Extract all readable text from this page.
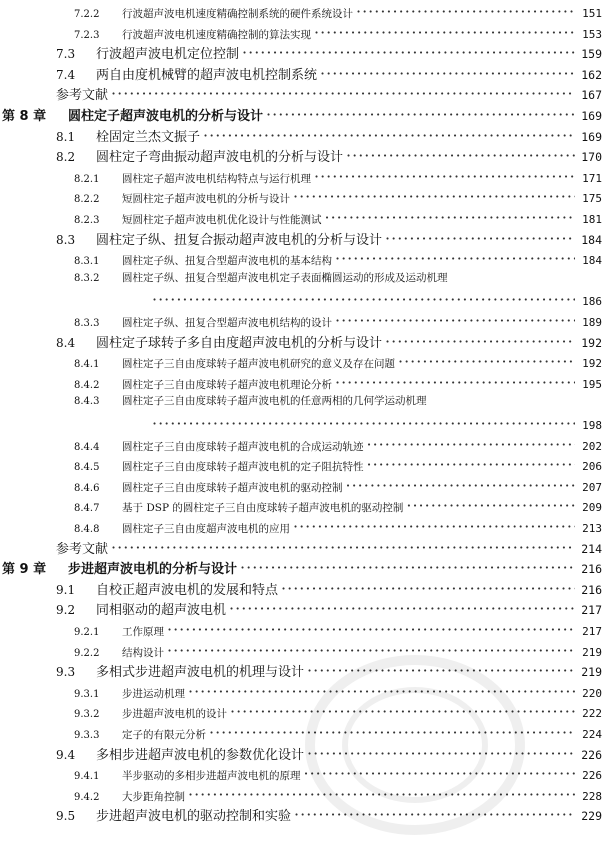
7.2.2	行波超声波电机速度精确控制系统的硬件系统设计 ·····	151
7.2.3	行波超声波电机速度精确控制的算法实现 ·····	153
7.3	行波超声波电机定位控制 ·····	159
7.4	两自由度机械臂的超声波电机控制系统 ·····	162
参考文献 ·····	167
第 8 章	圆柱定子超声波电机的分析与设计 ·····	169
8.1	栓固定兰杰文振子 ·····	169
8.2	圆柱定子弯曲振动超声波电机的分析与设计 ·····	170
8.2.1	圆柱定子超声波电机结构特点与运行机理 ·····	171
8.2.2	短圆柱定子超声波电机的分析与设计 ·····	175
8.2.3	短圆柱定子超声波电机优化设计与性能测试 ·····	181
8.3	圆柱定子纵、扭复合振动超声波电机的分析与设计 ·····	184
8.3.1	圆柱定子纵、扭复合型超声波电机的基本结构 ·····	184
8.3.2	圆柱定子纵、扭复合型超声波电机定子表面椭圆运动的形成及运动机理
·····
186
8.3.3	圆柱定子纵、扭复合型超声波电机结构的设计 ·····	189
8.4	圆柱定子球转子多自由度超声波电机的分析与设计 ·····	192
8.4.1	圆柱定子三自由度球转子超声波电机研究的意义及存在问题 ·····	192
8.4.2	圆柱定子三自由度球转子超声波电机理论分析 ·····	195
8.4.3	圆柱定子三自由度球转子超声波电机的任意两相的几何学运动机理
·····
198
8.4.4	圆柱定子三自由度球转子超声波电机的合成运动轨迹 ·····	202
8.4.5	圆柱定子三自由度球转子超声波电机的定子阻抗特性 ·····	206
8.4.6	圆柱定子三自由度球转子超声波电机的驱动控制 ·····	207
8.4.7	基于 DSP 的圆柱定子三自由度球转子超声波电机的驱动控制 ·····	209
8.4.8	圆柱定子三自由度超声波电机的应用 ·····	213
参考文献 ·····	214
第 9 章	步进超声波电机的分析与设计 ·····	216
9.1	自校正超声波电机的发展和特点 ·····	216
9.2	同相驱动的超声波电机 ·····	217
9.2.1	工作原理 ·····	217
9.2.2	结构设计 ·····	219
9.3	多相式步进超声波电机的机理与设计 ·····	219
9.3.1	步进运动机理 ·····	220
9.3.2	步进超声波电机的设计 ·····	222
9.3.3	定子的有限元分析 ·····	224
9.4	多相步进超声波电机的参数优化设计 ·····	226
9.4.1	半步驱动的多相步进超声波电机的原理 ·····	226
9.4.2	大步距角控制 ·····	228
9.5	步进超声波电机的驱动控制和实验 ·····	229
